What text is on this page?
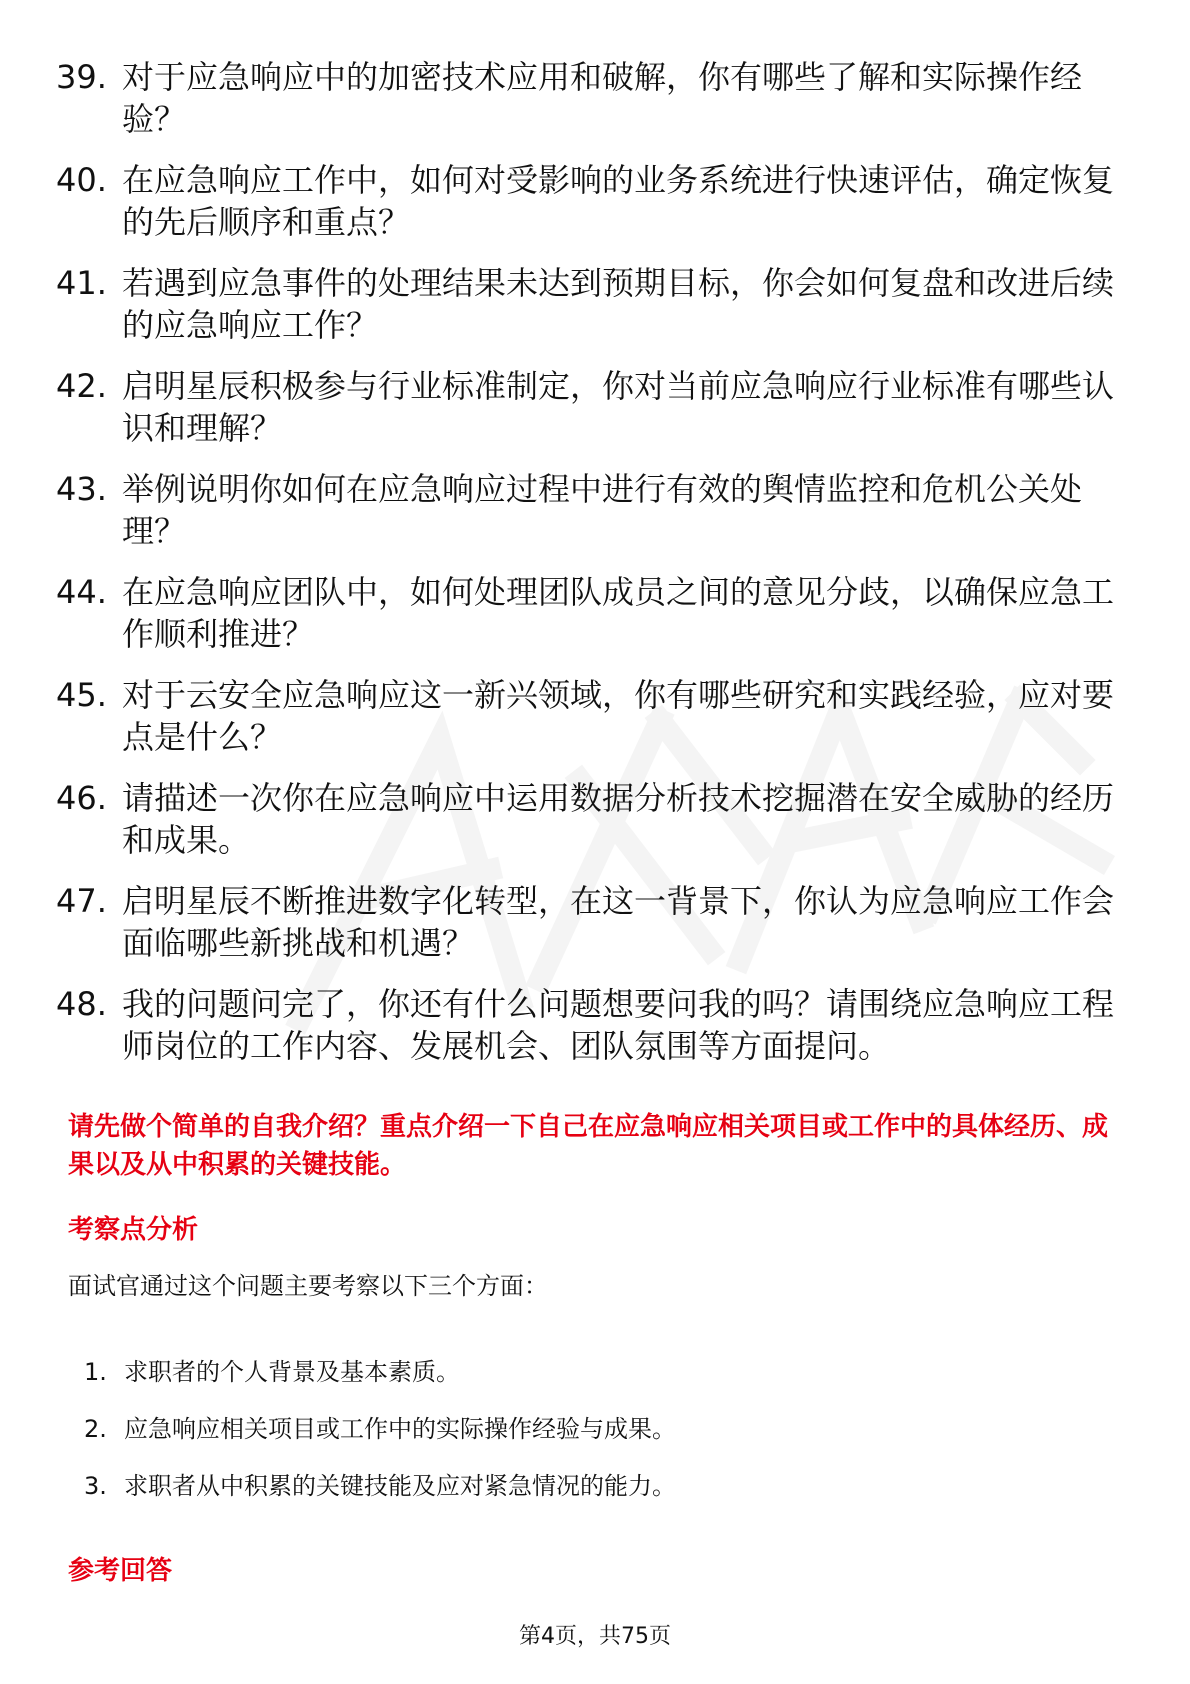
39. 对于应急响应中的加密技术应用和破解，你有哪些了解和实际操作经验？
40. 在应急响应工作中，如何对受影响的业务系统进行快速评估，确定恢复的先后顺序和重点？
41. 若遇到应急事件的处理结果未达到预期目标，你会如何复盘和改进后续的应急响应工作？
42. 启明星辰积极参与行业标准制定，你对当前应急响应行业标准有哪些认识和理解？
43. 举例说明你如何在应急响应过程中进行有效的舆情监控和危机公关处理？
44. 在应急响应团队中，如何处理团队成员之间的意见分歧，以确保应急工作顺利推进？
45. 对于云安全应急响应这一新兴领域，你有哪些研究和实践经验，应对要点是什么？
46. 请描述一次你在应急响应中运用数据分析技术挖掘潜在安全威胁的经历和成果。
47. 启明星辰不断推进数字化转型，在这一背景下，你认为应急响应工作会面临哪些新挑战和机遇？
48. 我的问题问完了，你还有什么问题想要问我的吗？请围绕应急响应工程师岗位的工作内容、发展机会、团队氛围等方面提问。

请先做个简单的自我介绍？重点介绍一下自己在应急响应相关项目或工作中的具体经历、成果以及从中积累的关键技能。

考察点分析

面试官通过这个问题主要考察以下三个方面：

1. 求职者的个人背景及基本素质。
2. 应急响应相关项目或工作中的实际操作经验与成果。
3. 求职者从中积累的关键技能及应对紧急情况的能力。

参考回答

第4页，共75页
